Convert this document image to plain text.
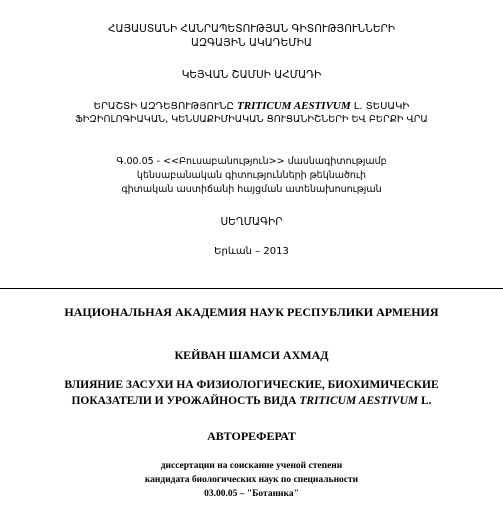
ՀԱՅԱՍՏԱՆԻ ՀԱՆՐԱՊԵՏՈՒԹՅԱՆ ԳԻՏՈՒԹՅՈՒՆՆԵՐԻ
ԱԶԳԱՅԻՆ ԱԿԱԴԵՄԻԱ
ԿԵՅՎԱՆ ՇԱՄՍԻ ԱՀՄԱԴԻ
ԵՐԱՇՏԻ ԱԶԴԵՑՈՒԹՅՈՒՆԸ TRITICUM AESTIVUM L. ՏԵՍԱԿԻ
ՖԻԶԻՈԼՈԳԻԱԿԱՆ, ԿԵՆՍԱՔԻՄԻԱԿԱՆ ՑՈՒՑԱՆԻՇՆԵՐԻ ԵՎ ԲԵՐՔԻ ՎՐԱ
Գ.00.05 - <<Բուսաբանություն>> մասնագիտությամբ
կենսաբանական գիտությունների թեկնածուի
գիտական աստիճանի հայցման ատենախոսության
ՍԵՂՄԱԳԻՐ
Երևան – 2013
НАЦИОНАЛЬНАЯ АКАДЕМИЯ НАУК РЕСПУБЛИКИ АРМЕНИЯ
КЕЙВАН ШАМСИ АХМАД
ВЛИЯНИЕ ЗАСУХИ НА ФИЗИОЛОГИЧЕСКИЕ, БИОХИМИЧЕСКИЕ
ПОКАЗАТЕЛИ И УРОЖАЙНОСТЬ ВИДА TRITICUM AESTIVUM L.
АВТОРЕФЕРАТ
диссертации на соискание ученой степени
кандидата биологических наук по специальности
03.00.05 – "Ботаника"
